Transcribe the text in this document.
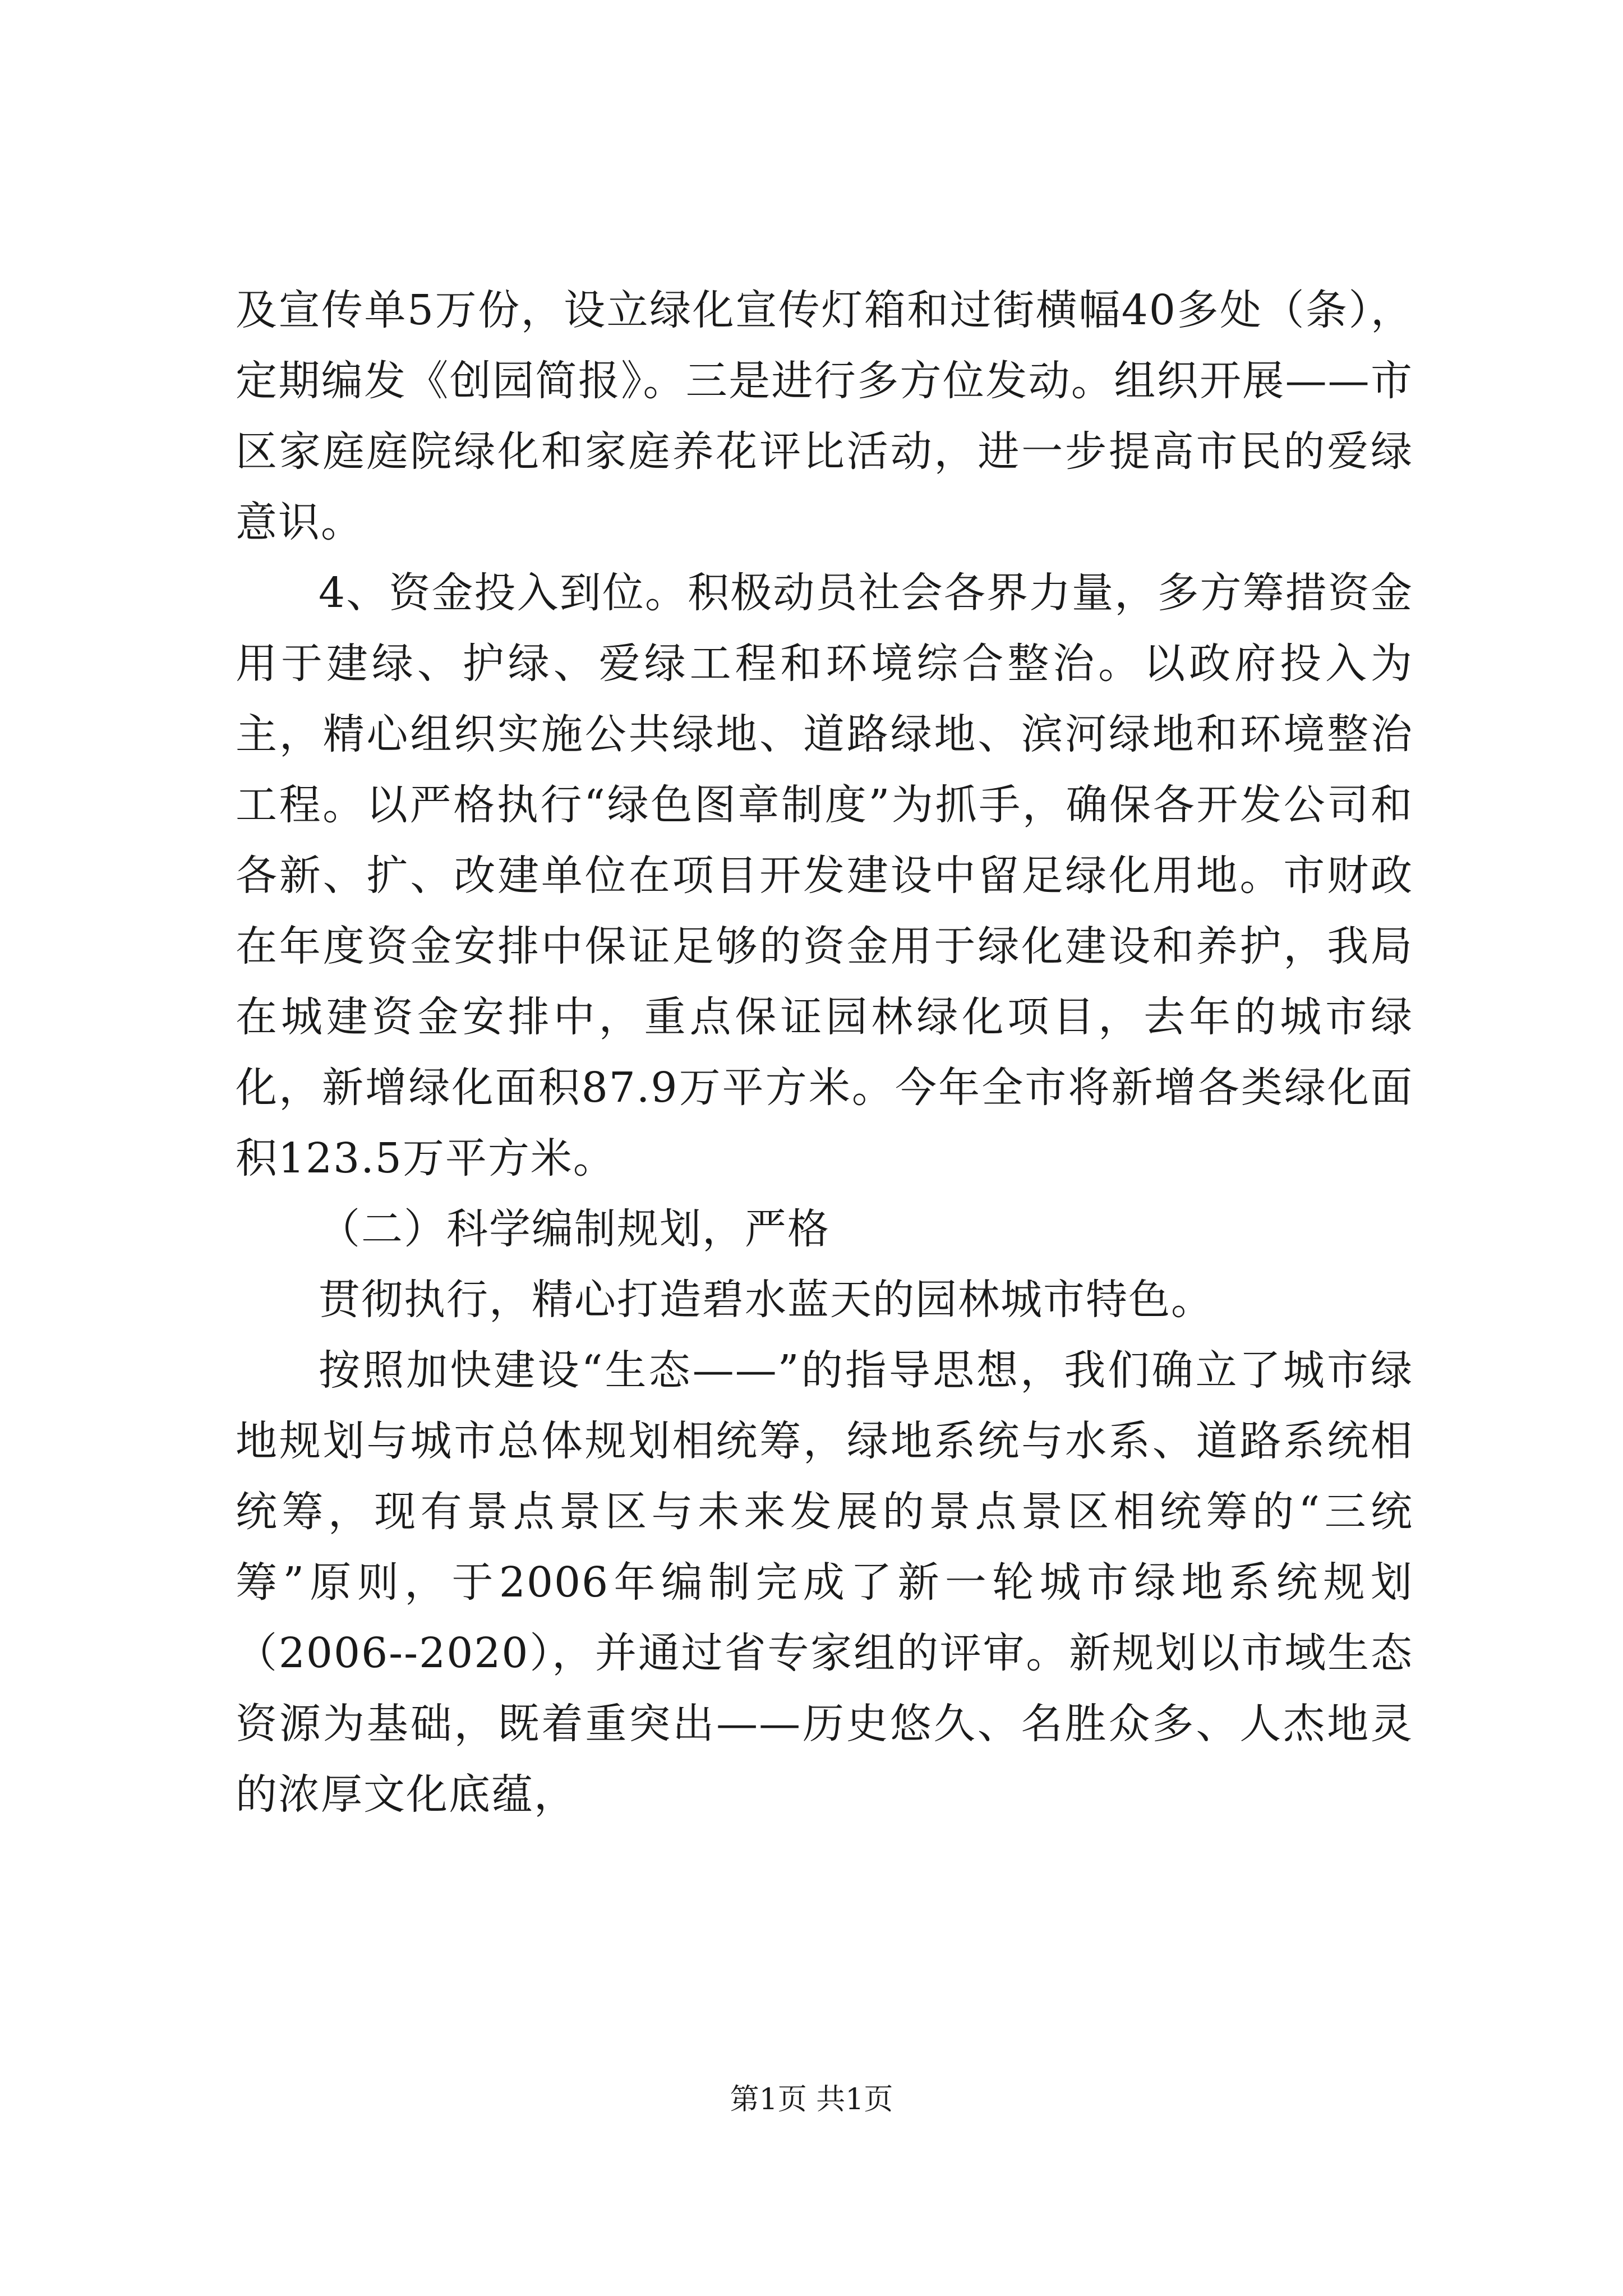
及宣传单5万份，设立绿化宣传灯箱和过街横幅40多处（条），定期编发《创园简报》。三是进行多方位发动。组织开展——市区家庭庭院绿化和家庭养花评比活动，进一步提高市民的爱绿意识。

4、资金投入到位。积极动员社会各界力量，多方筹措资金用于建绿、护绿、爱绿工程和环境综合整治。以政府投入为主，精心组织实施公共绿地、道路绿地、滨河绿地和环境整治工程。以严格执行“绿色图章制度”为抓手，确保各开发公司和各新、扩、改建单位在项目开发建设中留足绿化用地。市财政在年度资金安排中保证足够的资金用于绿化建设和养护，我局在城建资金安排中，重点保证园林绿化项目，去年的城市绿化，新增绿化面积87.9万平方米。今年全市将新增各类绿化面积123.5万平方米。

（二）科学编制规划，严格

贯彻执行，精心打造碧水蓝天的园林城市特色。

按照加快建设“生态——”的指导思想，我们确立了城市绿地规划与城市总体规划相统筹，绿地系统与水系、道路系统相统筹，现有景点景区与未来发展的景点景区相统筹的“三统筹”原则，于2006年编制完成了新一轮城市绿地系统规划（2006--2020），并通过省专家组的评审。新规划以市域生态资源为基础，既着重突出——历史悠久、名胜众多、人杰地灵的浓厚文化底蕴，

第1页 共1页
